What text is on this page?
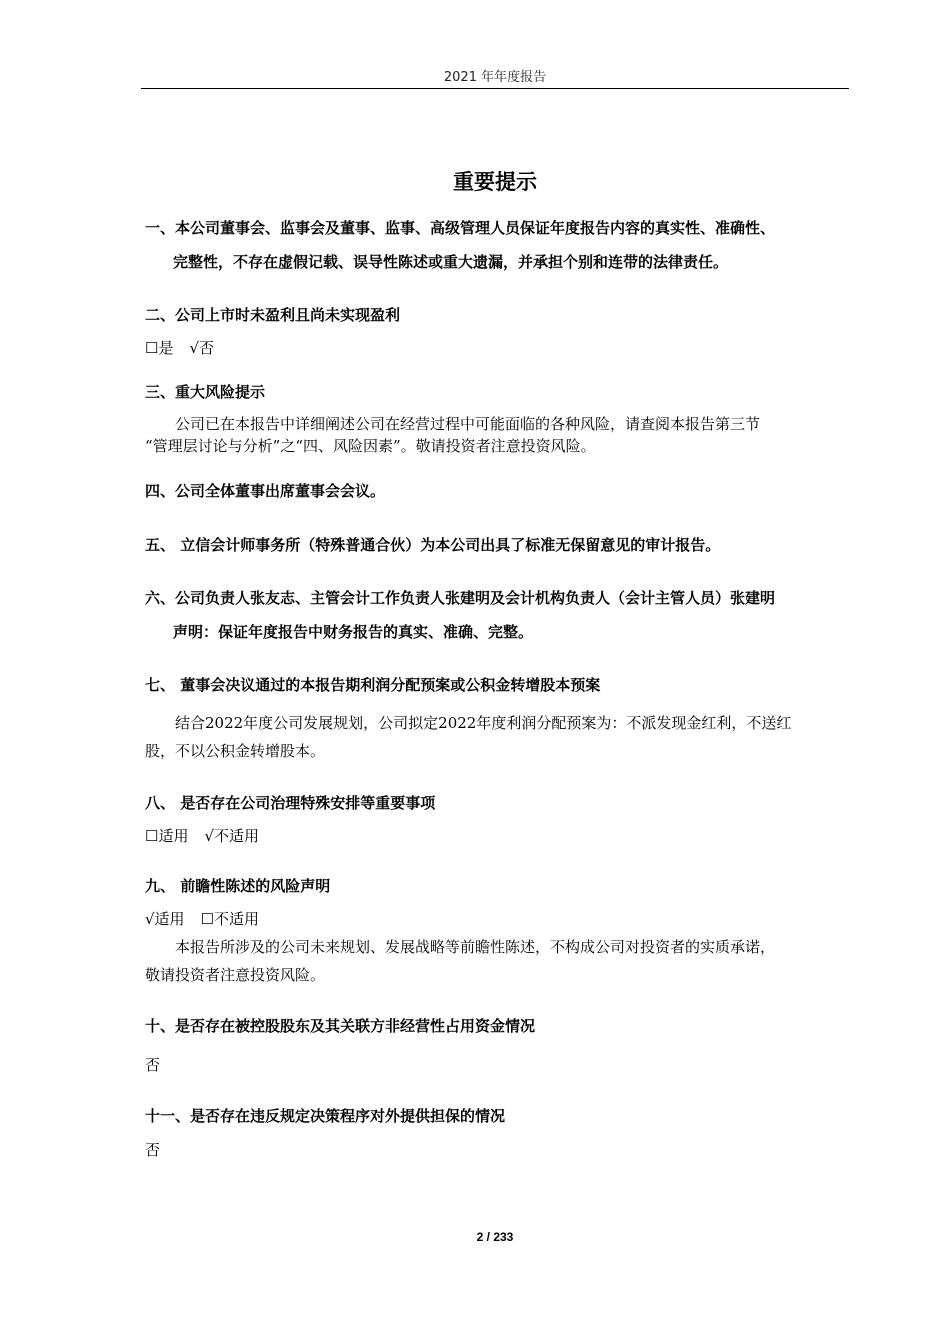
2021 年年度报告
重要提示
一、本公司董事会、监事会及董事、监事、高级管理人员保证年度报告内容的真实性、准确性、
完整性，不存在虚假记载、误导性陈述或重大遗漏，并承担个别和连带的法律责任。
二、公司上市时未盈利且尚未实现盈利
☐是 √否
三、重大风险提示
公司已在本报告中详细阐述公司在经营过程中可能面临的各种风险，请查阅本报告第三节
“管理层讨论与分析”之“四、风险因素”。敬请投资者注意投资风险。
四、公司全体董事出席董事会会议。
五、 立信会计师事务所（特殊普通合伙）为本公司出具了标准无保留意见的审计报告。
六、公司负责人张友志、主管会计工作负责人张建明及会计机构负责人（会计主管人员）张建明
声明：保证年度报告中财务报告的真实、准确、完整。
七、 董事会决议通过的本报告期利润分配预案或公积金转增股本预案
结合2022年度公司发展规划，公司拟定2022年度利润分配预案为：不派发现金红利，不送红
股，不以公积金转增股本。
八、 是否存在公司治理特殊安排等重要事项
☐适用 √不适用
九、 前瞻性陈述的风险声明
√适用 ☐不适用
本报告所涉及的公司未来规划、发展战略等前瞻性陈述，不构成公司对投资者的实质承诺，
敬请投资者注意投资风险。
十、是否存在被控股股东及其关联方非经营性占用资金情况
否
十一、是否存在违反规定决策程序对外提供担保的情况
否
2 / 233
